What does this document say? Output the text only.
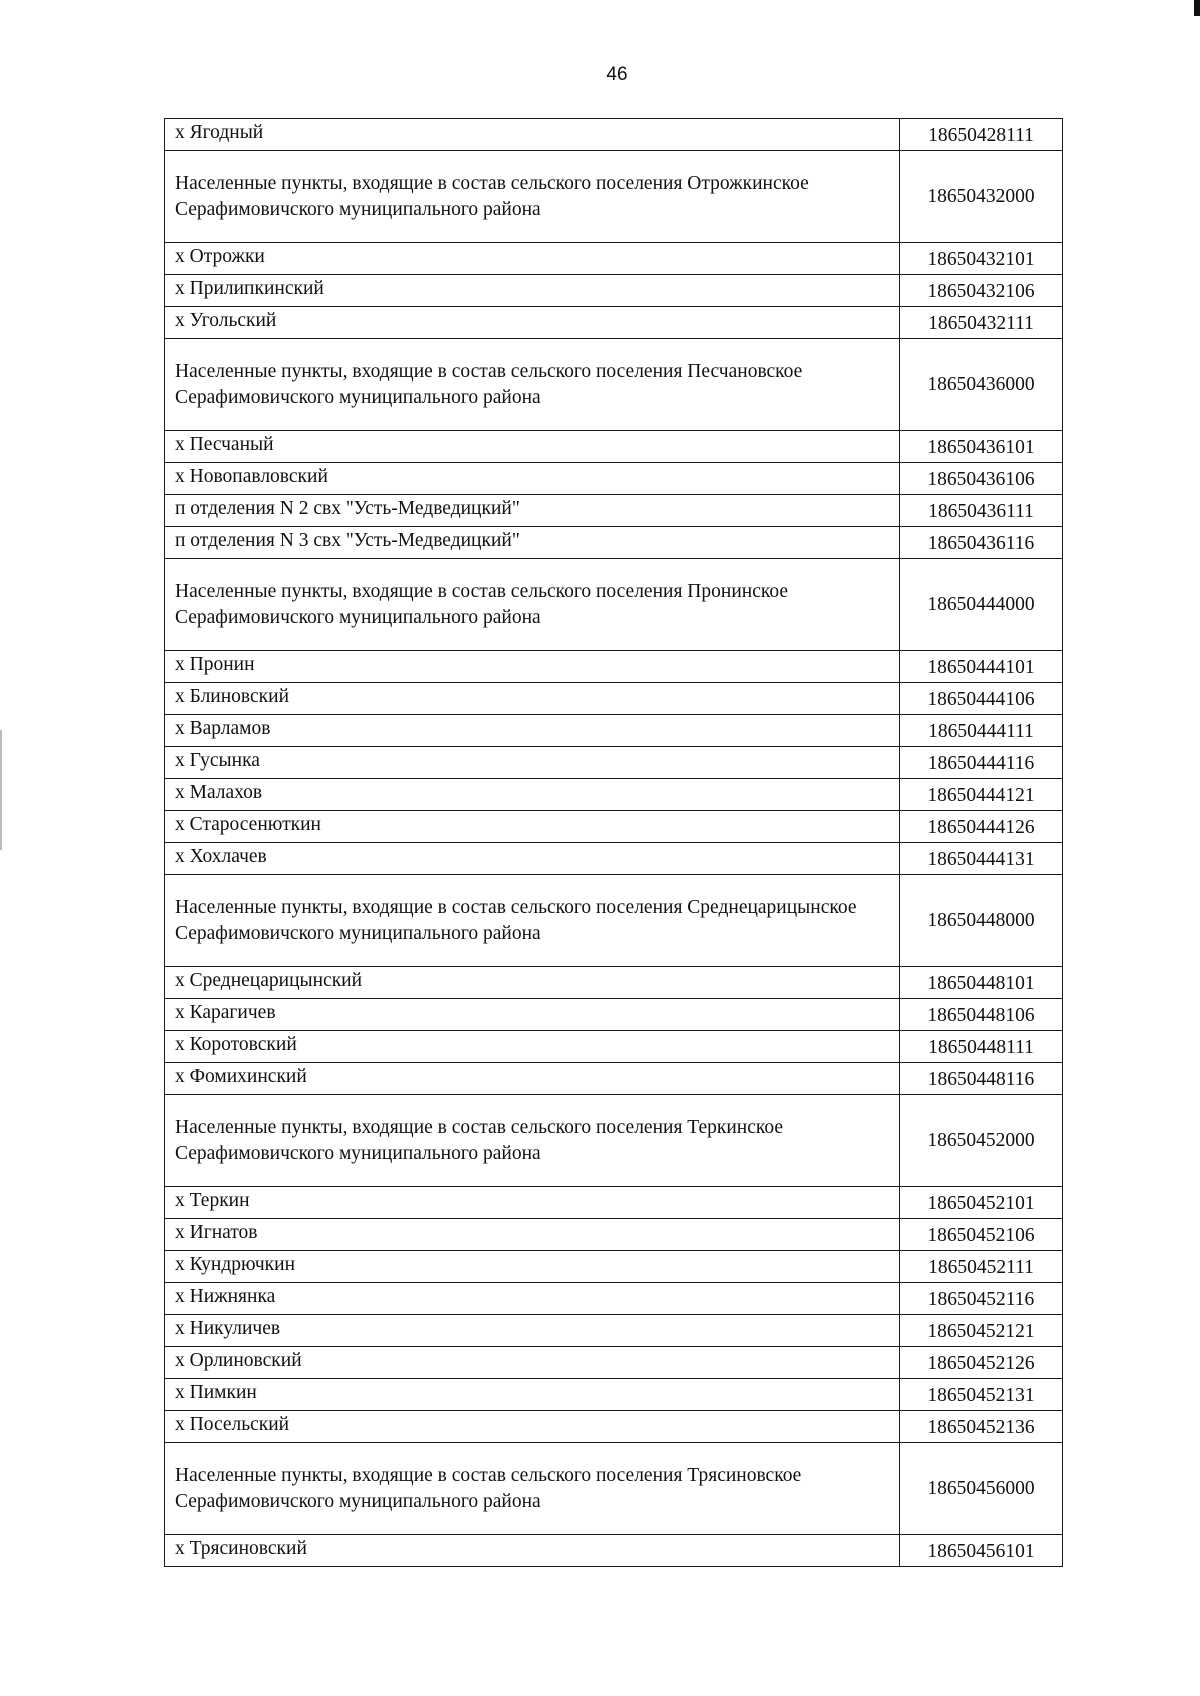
46
х Ягодный	18650428111
Населенные пункты, входящие в состав сельского поселения Отрожкинское Серафимовичского муниципального района	18650432000
х Отрожки	18650432101
х Прилипкинский	18650432106
х Угольский	18650432111
Населенные пункты, входящие в состав сельского поселения Песчановское Серафимовичского муниципального района	18650436000
х Песчаный	18650436101
х Новопавловский	18650436106
п отделения N 2 свх "Усть-Медведицкий"	18650436111
п отделения N 3 свх "Усть-Медведицкий"	18650436116
Населенные пункты, входящие в состав сельского поселения Пронинское Серафимовичского муниципального района	18650444000
х Пронин	18650444101
х Блиновский	18650444106
х Варламов	18650444111
х Гусынка	18650444116
х Малахов	18650444121
х Старосенюткин	18650444126
х Хохлачев	18650444131
Населенные пункты, входящие в состав сельского поселения Среднецарицынское Серафимовичского муниципального района	18650448000
х Среднецарицынский	18650448101
х Карагичев	18650448106
х Коротовский	18650448111
х Фомихинский	18650448116
Населенные пункты, входящие в состав сельского поселения Теркинское Серафимовичского муниципального района	18650452000
х Теркин	18650452101
х Игнатов	18650452106
х Кундрючкин	18650452111
х Нижнянка	18650452116
х Никуличев	18650452121
х Орлиновский	18650452126
х Пимкин	18650452131
х Посельский	18650452136
Населенные пункты, входящие в состав сельского поселения Трясиновское Серафимовичского муниципального района	18650456000
х Трясиновский	18650456101
